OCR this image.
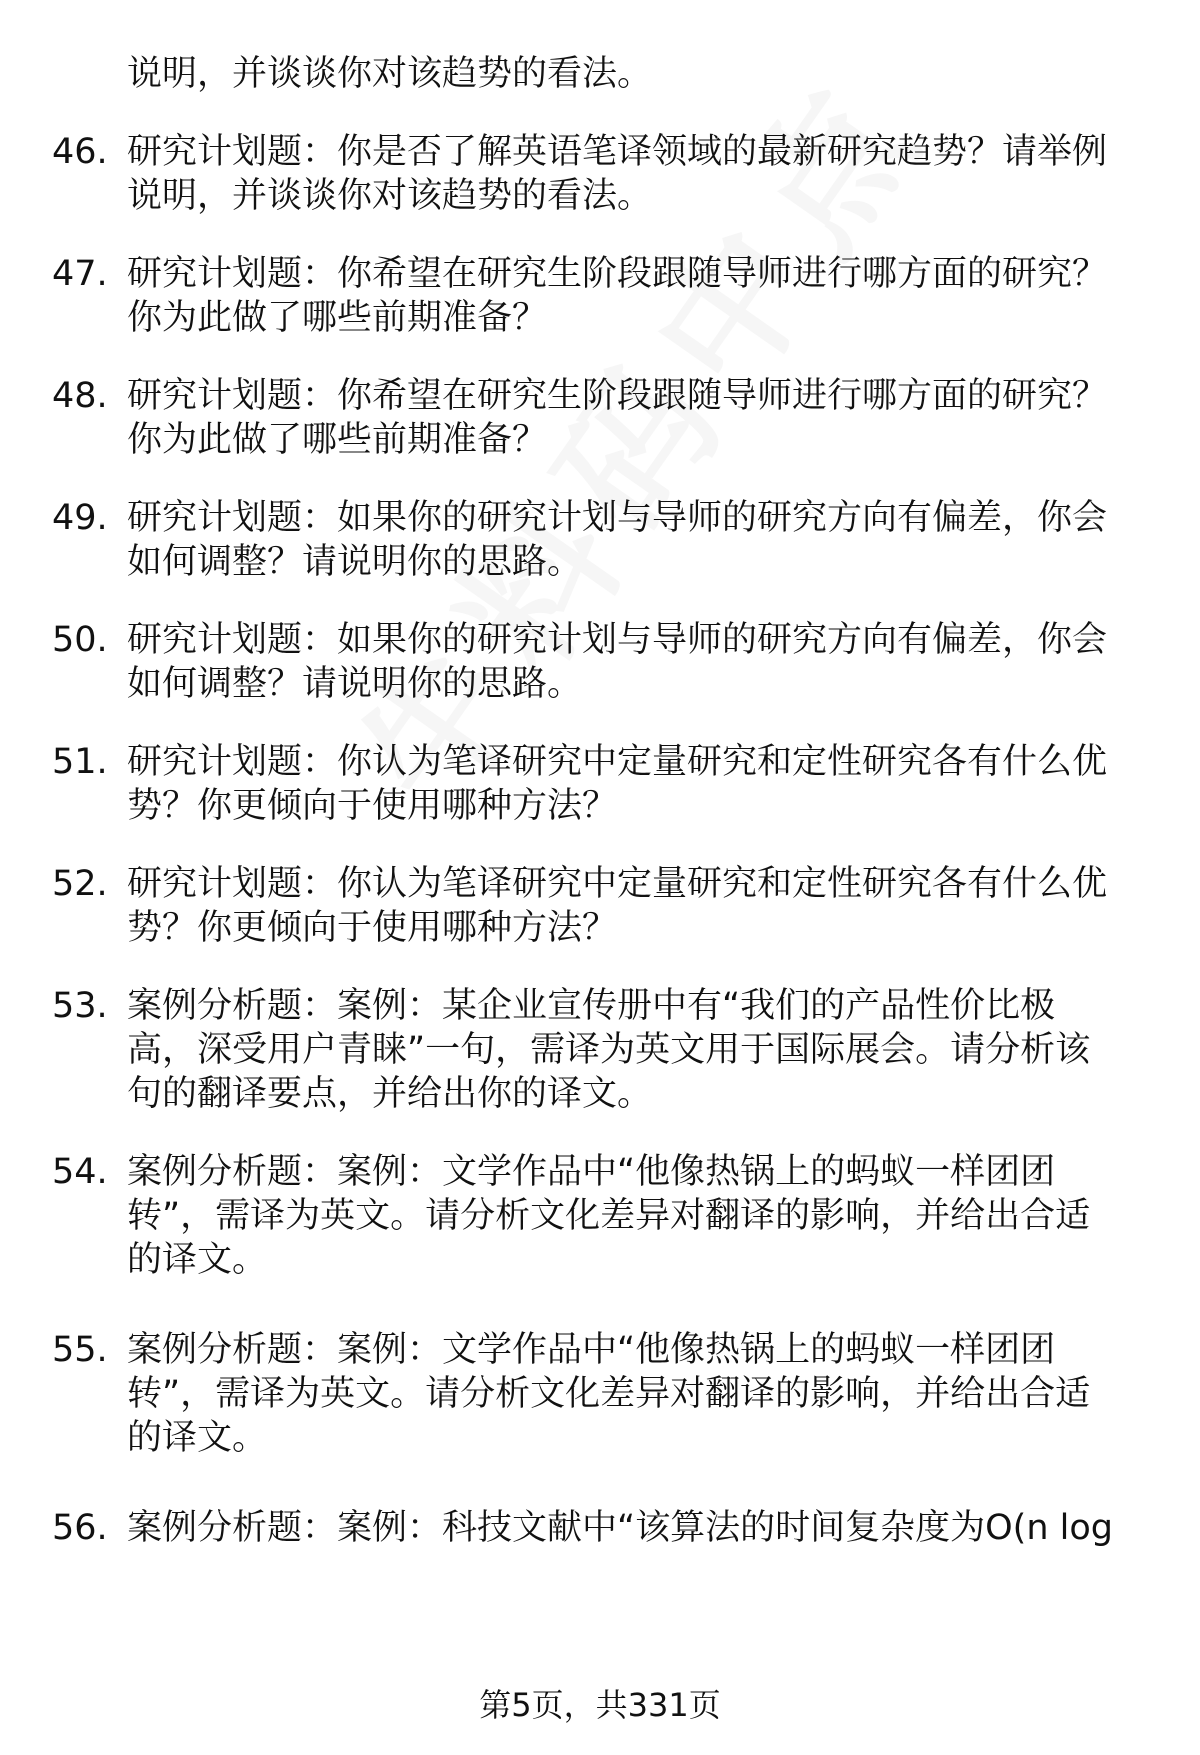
说明，并谈谈你对该趋势的看法。
46. 研究计划题：你是否了解英语笔译领域的最新研究趋势？请举例
说明，并谈谈你对该趋势的看法。
47. 研究计划题：你希望在研究生阶段跟随导师进行哪方面的研究？
你为此做了哪些前期准备？
48. 研究计划题：你希望在研究生阶段跟随导师进行哪方面的研究？
你为此做了哪些前期准备？
49. 研究计划题：如果你的研究计划与导师的研究方向有偏差，你会
如何调整？请说明你的思路。
50. 研究计划题：如果你的研究计划与导师的研究方向有偏差，你会
如何调整？请说明你的思路。
51. 研究计划题：你认为笔译研究中定量研究和定性研究各有什么优
势？你更倾向于使用哪种方法？
52. 研究计划题：你认为笔译研究中定量研究和定性研究各有什么优
势？你更倾向于使用哪种方法？
53. 案例分析题：案例：某企业宣传册中有“我们的产品性价比极
高，深受用户青睐”一句，需译为英文用于国际展会。请分析该
句的翻译要点，并给出你的译文。
54. 案例分析题：案例：文学作品中“他像热锅上的蚂蚁一样团团
转”，需译为英文。请分析文化差异对翻译的影响，并给出合适
的译文。
55. 案例分析题：案例：文学作品中“他像热锅上的蚂蚁一样团团
转”，需译为英文。请分析文化差异对翻译的影响，并给出合适
的译文。
56. 案例分析题：案例：科技文献中“该算法的时间复杂度为O(n log
第5页，共331页
